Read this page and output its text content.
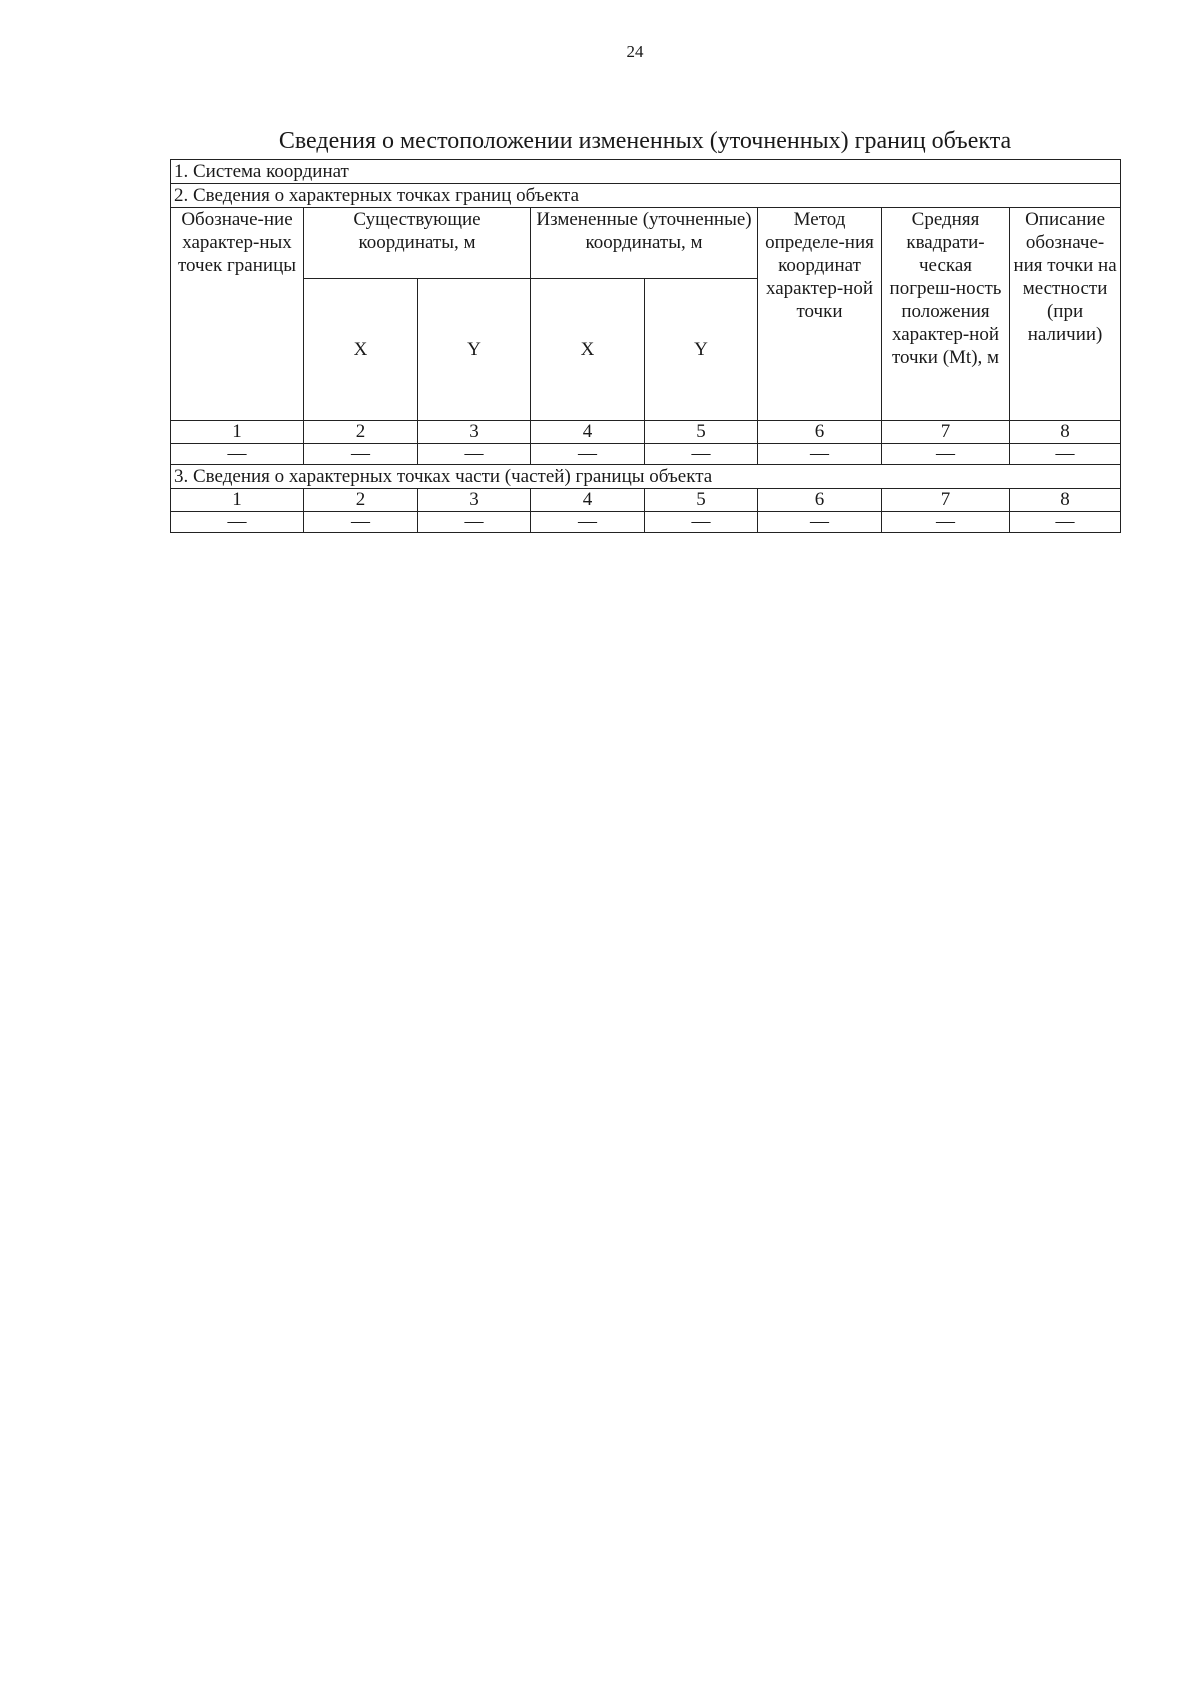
24
Сведения о местоположении измененных (уточненных) границ объекта
1. Система координат							
2. Сведения о характерных точках границ объекта							
Обозначе-ние характер-ных точек границы	Существующие координаты, м		Измененные (уточненные) координаты, м		Метод определе-ния координат характер-ной точки	Средняя квадрати-ческая погреш-ность положения характер-ной точки (Mt), м	Описание обозначе-ния точки на местности (при наличии)
	X	Y	X	Y			
1	2	3	4	5	6	7	8
—	—	—	—	—	—	—	—
3. Сведения о характерных точках части (частей) границы объекта							
1	2	3	4	5	6	7	8
—	—	—	—	—	—	—	—
